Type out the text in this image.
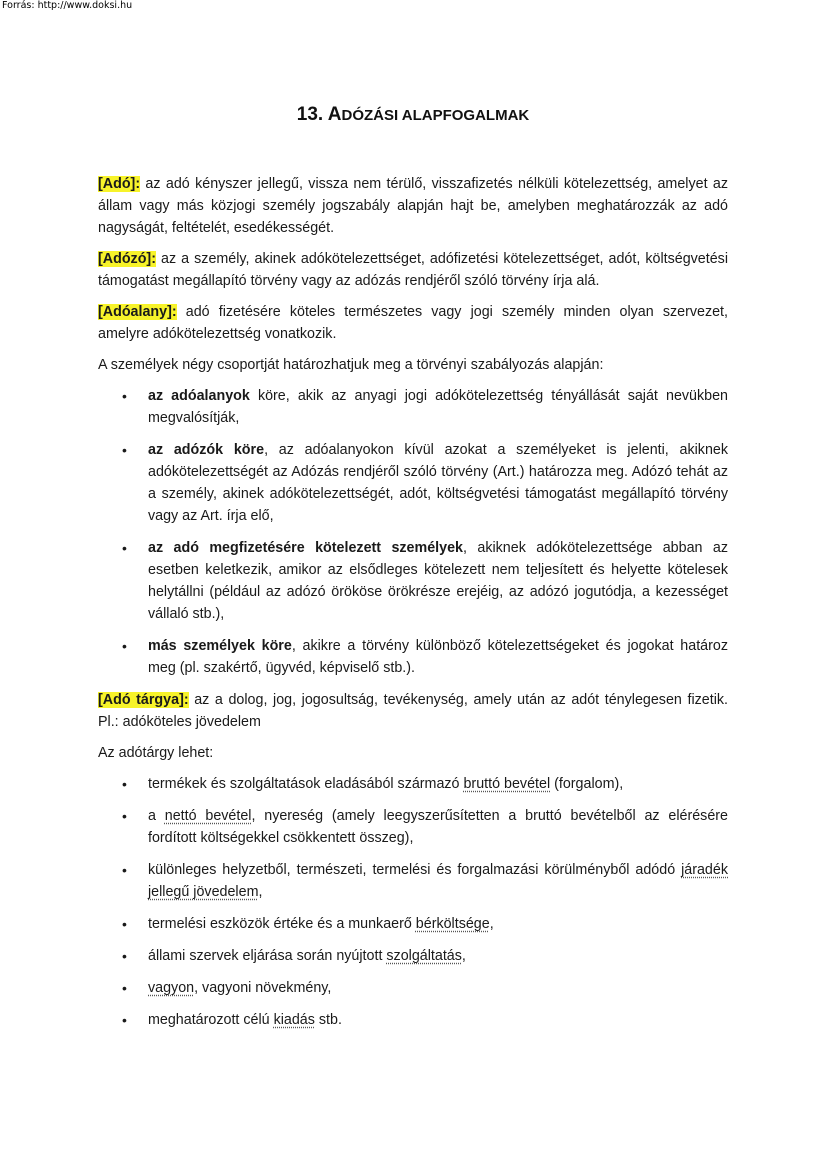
Forrás: http://www.doksi.hu
13. ADÓZÁSI ALAPFOGALMAK

[Adó]: az adó kényszer jellegű, vissza nem térülő, visszafizetés nélküli kötelezettség, amelyet az állam vagy más közjogi személy jogszabály alapján hajt be, amelyben meghatározzák az adó nagyságát, feltételét, esedékességét.

[Adózó]: az a személy, akinek adókötelezettséget, adófizetési kötelezettséget, adót, költségvetési támogatást megállapító törvény vagy az adózás rendjéről szóló törvény írja alá.

[Adóalany]: adó fizetésére köteles természetes vagy jogi személy minden olyan szervezet, amelyre adókötelezettség vonatkozik.

A személyek négy csoportját határozhatjuk meg a törvényi szabályozás alapján:

• az adóalanyok köre, akik az anyagi jogi adókötelezettség tényállását saját nevükben megvalósítják,
• az adózók köre, az adóalanyokon kívül azokat a személyeket is jelenti, akiknek adókötelezettségét az Adózás rendjéről szóló törvény (Art.) határozza meg. Adózó tehát az a személy, akinek adókötelezettségét, adót, költségvetési támogatást megállapító törvény vagy az Art. írja elő,
• az adó megfizetésére kötelezett személyek, akiknek adókötelezettsége abban az esetben keletkezik, amikor az elsődleges kötelezett nem teljesített és helyette kötelesek helytállni (például az adózó örököse örökrésze erejéig, az adózó jogutódja, a kezességet vállaló stb.),
• más személyek köre, akikre a törvény különböző kötelezettségeket és jogokat határoz meg (pl. szakértő, ügyvéd, képviselő stb.).

[Adó tárgya]: az a dolog, jog, jogosultság, tevékenység, amely után az adót ténylegesen fizetik. Pl.: adóköteles jövedelem

Az adótárgy lehet:

• termékek és szolgáltatások eladásából származó bruttó bevétel (forgalom),
• a nettó bevétel, nyereség (amely leegyszerűsítetten a bruttó bevételből az elérésére fordított költségekkel csökkentett összeg),
• különleges helyzetből, természeti, termelési és forgalmazási körülményből adódó járadék jellegű jövedelem,
• termelési eszközök értéke és a munkaerő bérköltsége,
• állami szervek eljárása során nyújtott szolgáltatás,
• vagyon, vagyoni növekmény,
• meghatározott célú kiadás stb.
